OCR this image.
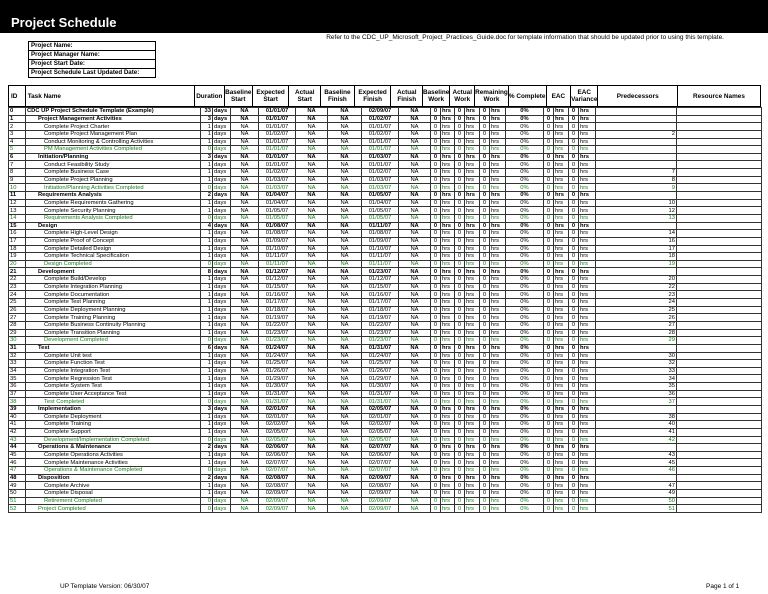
Project Schedule
Refer to the CDC_UP_Microsoft_Project_Practices_Guide.doc for template information that should be updated prior to using this template.
Project Name:
Project Manager Name:
Project Start Date:
Project Schedule Last Updated Date:
ID	Task Name	Duration	Baseline Start	Expected Start	Actual Start	Baseline Finish	Expected Finish	Actual Finish	Baseline Work	Actual Work	Remaining Work	% Complete	EAC	EAC Variance	Predecessors	Resource Names
0	CDC UP Project Schedule Template (Example)	33	days	NA	01/01/07	NA	NA	02/09/07	NA	0	hrs	0	hrs	0	hrs	0%	0	hrs	0	hrs		
1	Project Management Activities	3	days	NA	01/01/07	NA	NA	01/02/07	NA	0	hrs	0	hrs	0	hrs	0%	0	hrs	0	hrs		
2	Complete Project Charter	1	days	NA	01/01/07	NA	NA	01/01/07	NA	0	hrs	0	hrs	0	hrs	0%	0	hrs	0	hrs		
3	Complete Project Management Plan	1	days	NA	01/02/07	NA	NA	01/02/07	NA	0	hrs	0	hrs	0	hrs	0%	0	hrs	0	hrs	2	
4	Conduct Monitoring & Controlling Activities	1	days	NA	01/01/07	NA	NA	01/01/07	NA	0	hrs	0	hrs	0	hrs	0%	0	hrs	0	hrs		
5	PM Management Activities Completed	0	days	NA	01/01/07	NA	NA	01/01/07	NA	0	hrs	0	hrs	0	hrs	0%	0	hrs	0	hrs		
6	Initiation/Planning	3	days	NA	01/01/07	NA	NA	01/03/07	NA	0	hrs	0	hrs	0	hrs	0%	0	hrs	0	hrs		
7	Conduct Feasibility Study	1	days	NA	01/01/07	NA	NA	01/01/07	NA	0	hrs	0	hrs	0	hrs	0%	0	hrs	0	hrs		
8	Complete Business Case	1	days	NA	01/02/07	NA	NA	01/02/07	NA	0	hrs	0	hrs	0	hrs	0%	0	hrs	0	hrs	7	
9	Complete Project Planning	1	days	NA	01/03/07	NA	NA	01/03/07	NA	0	hrs	0	hrs	0	hrs	0%	0	hrs	0	hrs	8	
10	Initiation/Planning Activities Completed	0	days	NA	01/03/07	NA	NA	01/03/07	NA	0	hrs	0	hrs	0	hrs	0%	0	hrs	0	hrs	9	
11	Requirements Analysis	2	days	NA	01/04/07	NA	NA	01/05/07	NA	0	hrs	0	hrs	0	hrs	0%	0	hrs	0	hrs		
12	Complete Requirements Gathering	1	days	NA	01/04/07	NA	NA	01/04/07	NA	0	hrs	0	hrs	0	hrs	0%	0	hrs	0	hrs	10	
13	Complete Security Planning	1	days	NA	01/05/07	NA	NA	01/05/07	NA	0	hrs	0	hrs	0	hrs	0%	0	hrs	0	hrs	12	
14	Requirements Analysis Completed	0	days	NA	01/05/07	NA	NA	01/05/07	NA	0	hrs	0	hrs	0	hrs	0%	0	hrs	0	hrs	13	
15	Design	4	days	NA	01/08/07	NA	NA	01/11/07	NA	0	hrs	0	hrs	0	hrs	0%	0	hrs	0	hrs		
16	Complete High-Level Design	1	days	NA	01/08/07	NA	NA	01/08/07	NA	0	hrs	0	hrs	0	hrs	0%	0	hrs	0	hrs	14	
17	Complete Proof of Concept	1	days	NA	01/09/07	NA	NA	01/09/07	NA	0	hrs	0	hrs	0	hrs	0%	0	hrs	0	hrs	16	
18	Complete Detailed Design	1	days	NA	01/10/07	NA	NA	01/10/07	NA	0	hrs	0	hrs	0	hrs	0%	0	hrs	0	hrs	17	
19	Complete Technical Specification	1	days	NA	01/11/07	NA	NA	01/11/07	NA	0	hrs	0	hrs	0	hrs	0%	0	hrs	0	hrs	18	
20	Design Completed	0	days	NA	01/11/07	NA	NA	01/11/07	NA	0	hrs	0	hrs	0	hrs	0%	0	hrs	0	hrs	19	
21	Development	8	days	NA	01/12/07	NA	NA	01/23/07	NA	0	hrs	0	hrs	0	hrs	0%	0	hrs	0	hrs		
22	Complete Build/Develop	1	days	NA	01/12/07	NA	NA	01/12/07	NA	0	hrs	0	hrs	0	hrs	0%	0	hrs	0	hrs	20	
23	Complete Integration Planning	1	days	NA	01/15/07	NA	NA	01/15/07	NA	0	hrs	0	hrs	0	hrs	0%	0	hrs	0	hrs	22	
24	Complete Documentation	1	days	NA	01/16/07	NA	NA	01/16/07	NA	0	hrs	0	hrs	0	hrs	0%	0	hrs	0	hrs	23	
25	Complete Test Planning	1	days	NA	01/17/07	NA	NA	01/17/07	NA	0	hrs	0	hrs	0	hrs	0%	0	hrs	0	hrs	24	
26	Complete Deployment Planning	1	days	NA	01/18/07	NA	NA	01/18/07	NA	0	hrs	0	hrs	0	hrs	0%	0	hrs	0	hrs	25	
27	Complete Training Planning	1	days	NA	01/19/07	NA	NA	01/19/07	NA	0	hrs	0	hrs	0	hrs	0%	0	hrs	0	hrs	26	
28	Complete Business Continuity Planning	1	days	NA	01/22/07	NA	NA	01/22/07	NA	0	hrs	0	hrs	0	hrs	0%	0	hrs	0	hrs	27	
29	Complete Transition Planning	1	days	NA	01/23/07	NA	NA	01/23/07	NA	0	hrs	0	hrs	0	hrs	0%	0	hrs	0	hrs	28	
30	Development Completed	0	days	NA	01/23/07	NA	NA	01/23/07	NA	0	hrs	0	hrs	0	hrs	0%	0	hrs	0	hrs	29	
31	Test	6	days	NA	01/24/07	NA	NA	01/31/07	NA	0	hrs	0	hrs	0	hrs	0%	0	hrs	0	hrs		
32	Complete Unit test	1	days	NA	01/24/07	NA	NA	01/24/07	NA	0	hrs	0	hrs	0	hrs	0%	0	hrs	0	hrs	30	
33	Complete Function Test	1	days	NA	01/25/07	NA	NA	01/25/07	NA	0	hrs	0	hrs	0	hrs	0%	0	hrs	0	hrs	32	
34	Complete Integration Test	1	days	NA	01/26/07	NA	NA	01/26/07	NA	0	hrs	0	hrs	0	hrs	0%	0	hrs	0	hrs	33	
35	Complete Regression Test	1	days	NA	01/29/07	NA	NA	01/29/07	NA	0	hrs	0	hrs	0	hrs	0%	0	hrs	0	hrs	34	
36	Complete System Test	1	days	NA	01/30/07	NA	NA	01/30/07	NA	0	hrs	0	hrs	0	hrs	0%	0	hrs	0	hrs	35	
37	Complete User Acceptance Test	1	days	NA	01/31/07	NA	NA	01/31/07	NA	0	hrs	0	hrs	0	hrs	0%	0	hrs	0	hrs	36	
38	Test Completed	0	days	NA	01/31/07	NA	NA	01/31/07	NA	0	hrs	0	hrs	0	hrs	0%	0	hrs	0	hrs	37	
39	Implementation	3	days	NA	02/01/07	NA	NA	02/05/07	NA	0	hrs	0	hrs	0	hrs	0%	0	hrs	0	hrs		
40	Complete Deployment	1	days	NA	02/01/07	NA	NA	02/01/07	NA	0	hrs	0	hrs	0	hrs	0%	0	hrs	0	hrs	38	
41	Complete Training	1	days	NA	02/02/07	NA	NA	02/02/07	NA	0	hrs	0	hrs	0	hrs	0%	0	hrs	0	hrs	40	
42	Complete Support	1	days	NA	02/05/07	NA	NA	02/05/07	NA	0	hrs	0	hrs	0	hrs	0%	0	hrs	0	hrs	41	
43	Development/Implementation Completed	0	days	NA	02/05/07	NA	NA	02/05/07	NA	0	hrs	0	hrs	0	hrs	0%	0	hrs	0	hrs	42	
44	Operations & Maintenance	2	days	NA	02/06/07	NA	NA	02/07/07	NA	0	hrs	0	hrs	0	hrs	0%	0	hrs	0	hrs		
45	Complete Operations Activities	1	days	NA	02/06/07	NA	NA	02/06/07	NA	0	hrs	0	hrs	0	hrs	0%	0	hrs	0	hrs	43	
46	Complete Maintenance Activities	1	days	NA	02/07/07	NA	NA	02/07/07	NA	0	hrs	0	hrs	0	hrs	0%	0	hrs	0	hrs	45	
47	Operations & Maintenance Completed	0	days	NA	02/07/07	NA	NA	02/07/07	NA	0	hrs	0	hrs	0	hrs	0%	0	hrs	0	hrs	46	
48	Disposition	2	days	NA	02/08/07	NA	NA	02/09/07	NA	0	hrs	0	hrs	0	hrs	0%	0	hrs	0	hrs		
49	Complete Archive	1	days	NA	02/08/07	NA	NA	02/08/07	NA	0	hrs	0	hrs	0	hrs	0%	0	hrs	0	hrs	47	
50	Complete Disposal	1	days	NA	02/09/07	NA	NA	02/09/07	NA	0	hrs	0	hrs	0	hrs	0%	0	hrs	0	hrs	49	
51	Retirement Completed	0	days	NA	02/09/07	NA	NA	02/09/07	NA	0	hrs	0	hrs	0	hrs	0%	0	hrs	0	hrs	50	
52	Project Completed	0	days	NA	02/09/07	NA	NA	02/09/07	NA	0	hrs	0	hrs	0	hrs	0%	0	hrs	0	hrs	51	
UP Template Version: 06/30/07	Page 1 of 1
